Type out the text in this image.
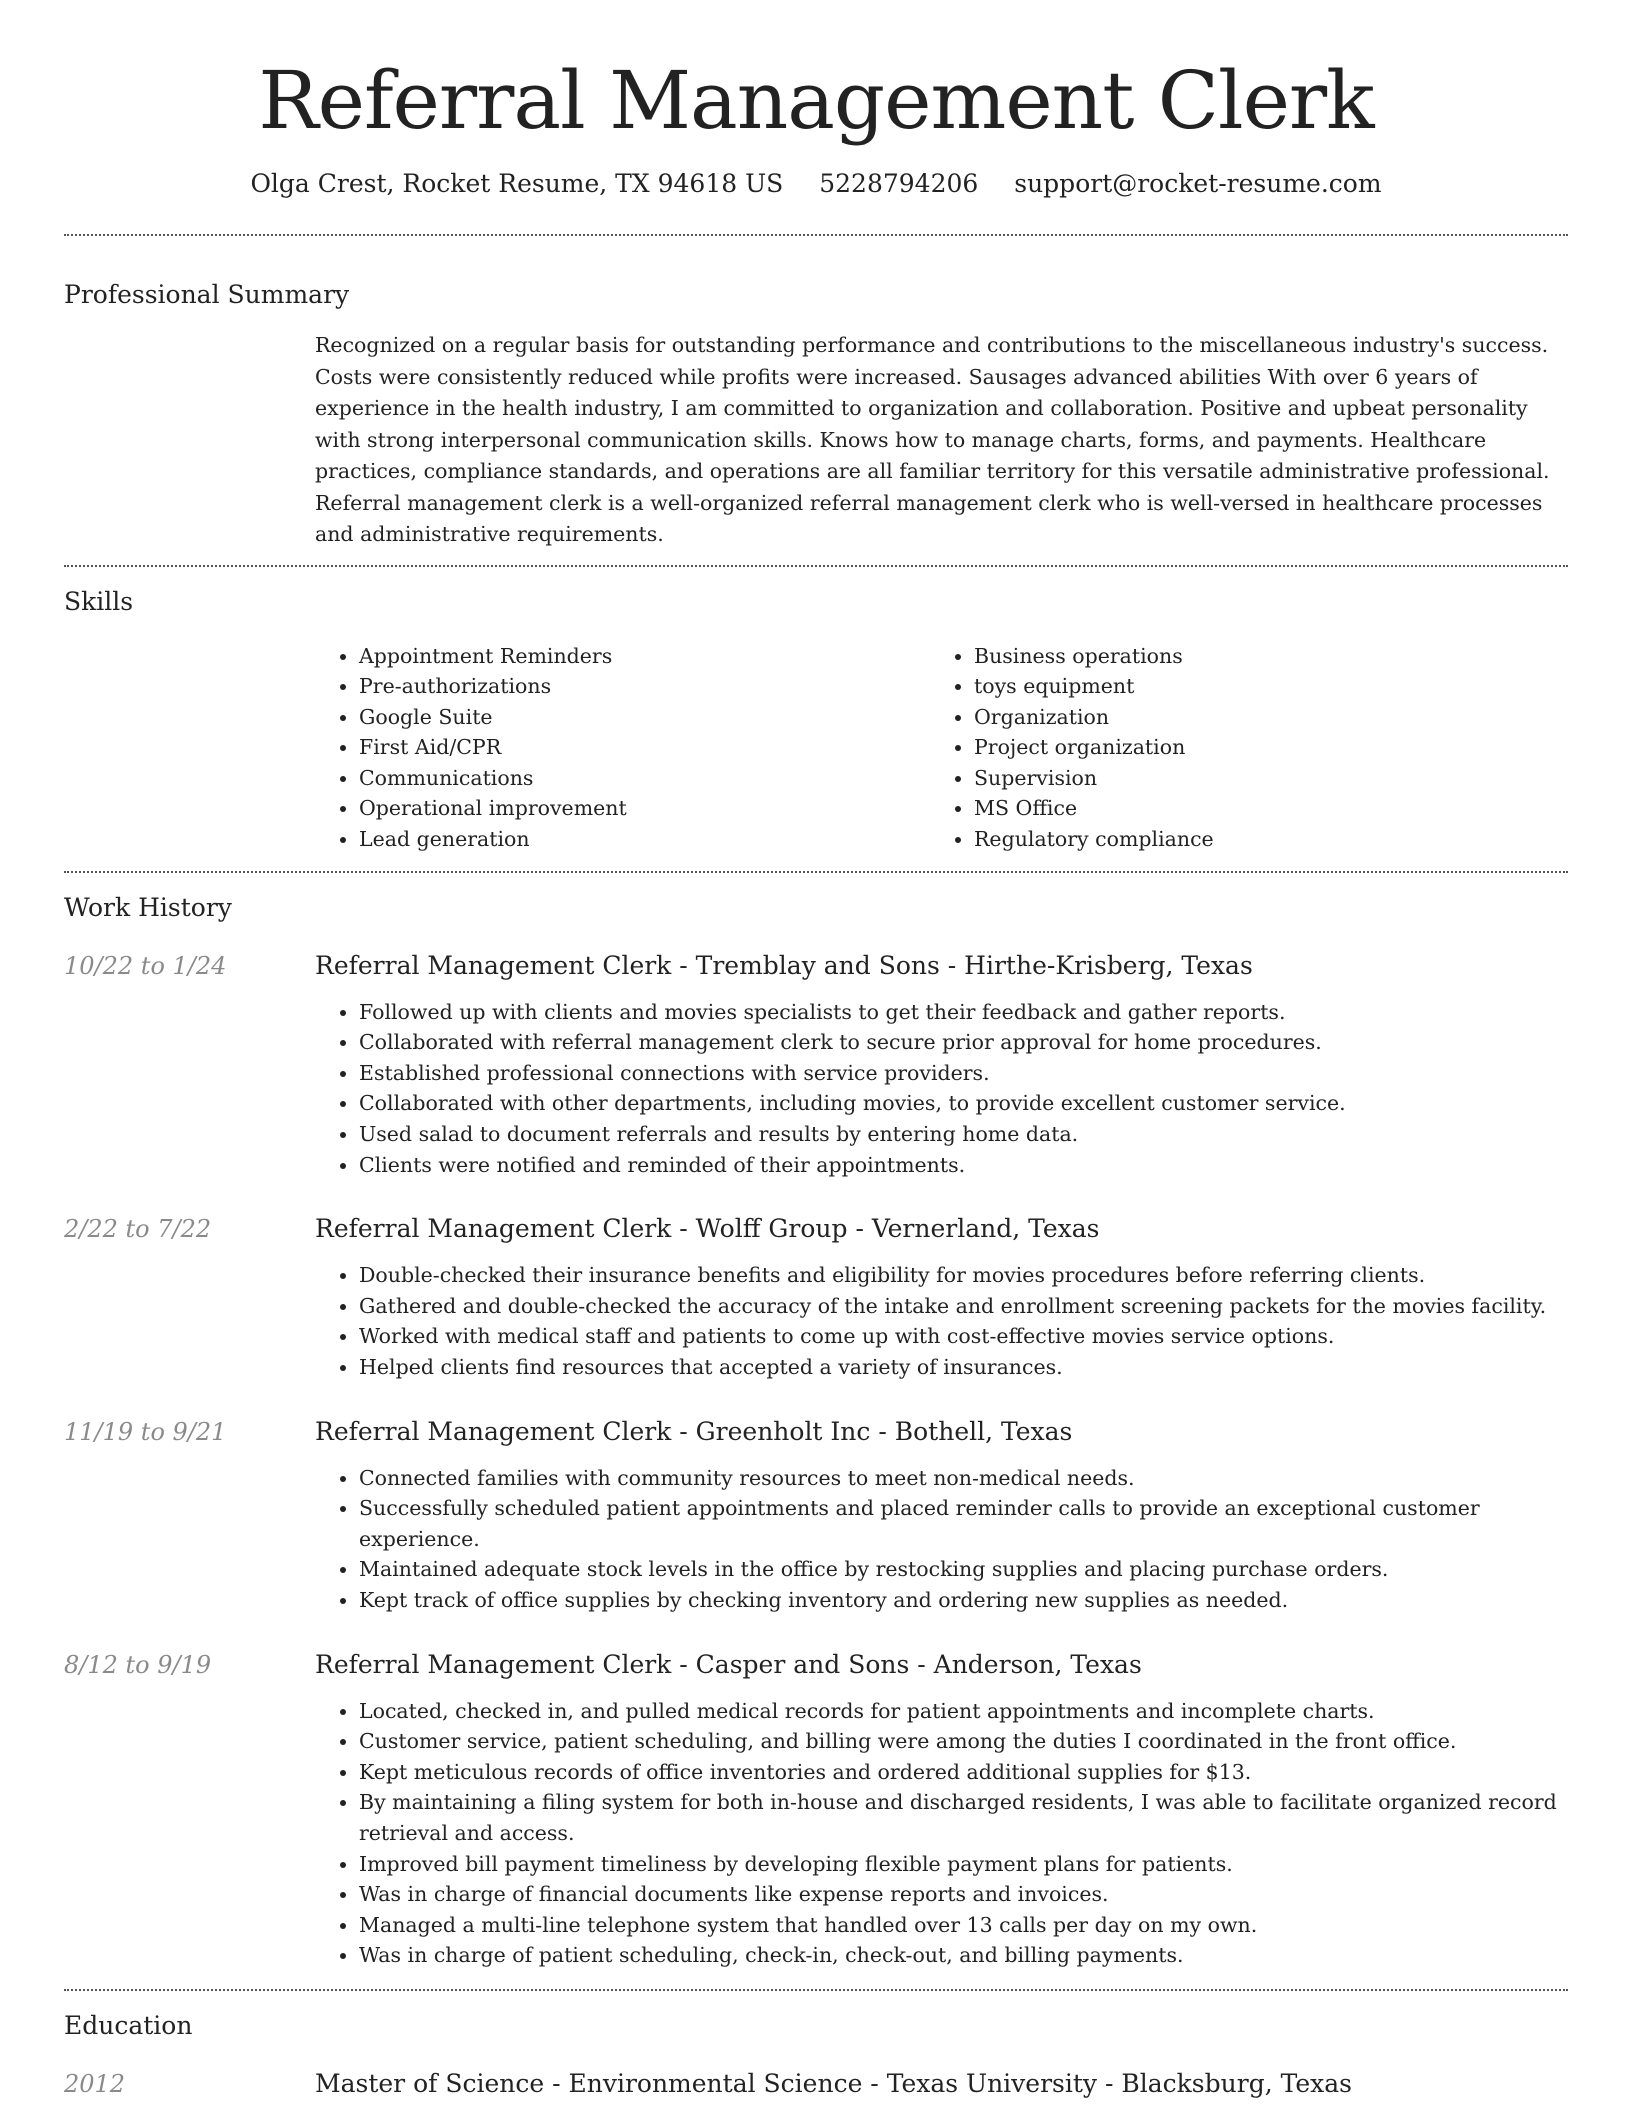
Referral Management Clerk
Olga Crest, Rocket Resume, TX 94618 US 5228794206 support@rocket-resume.com
Professional Summary
Recognized on a regular basis for outstanding performance and contributions to the miscellaneous industry's success. Costs were consistently reduced while profits were increased. Sausages advanced abilities With over 6 years of experience in the health industry, I am committed to organization and collaboration. Positive and upbeat personality with strong interpersonal communication skills. Knows how to manage charts, forms, and payments. Healthcare practices, compliance standards, and operations are all familiar territory for this versatile administrative professional. Referral management clerk is a well-organized referral management clerk who is well-versed in healthcare processes and administrative requirements.
Skills
• Appointment Reminders
• Pre-authorizations
• Google Suite
• First Aid/CPR
• Communications
• Operational improvement
• Lead generation
• Business operations
• toys equipment
• Organization
• Project organization
• Supervision
• MS Office
• Regulatory compliance
Work History
10/22 to 1/24	Referral Management Clerk - Tremblay and Sons - Hirthe-Krisberg, Texas
• Followed up with clients and movies specialists to get their feedback and gather reports.
• Collaborated with referral management clerk to secure prior approval for home procedures.
• Established professional connections with service providers.
• Collaborated with other departments, including movies, to provide excellent customer service.
• Used salad to document referrals and results by entering home data.
• Clients were notified and reminded of their appointments.
2/22 to 7/22	Referral Management Clerk - Wolff Group - Vernerland, Texas
• Double-checked their insurance benefits and eligibility for movies procedures before referring clients.
• Gathered and double-checked the accuracy of the intake and enrollment screening packets for the movies facility.
• Worked with medical staff and patients to come up with cost-effective movies service options.
• Helped clients find resources that accepted a variety of insurances.
11/19 to 9/21	Referral Management Clerk - Greenholt Inc - Bothell, Texas
• Connected families with community resources to meet non-medical needs.
• Successfully scheduled patient appointments and placed reminder calls to provide an exceptional customer experience.
• Maintained adequate stock levels in the office by restocking supplies and placing purchase orders.
• Kept track of office supplies by checking inventory and ordering new supplies as needed.
8/12 to 9/19	Referral Management Clerk - Casper and Sons - Anderson, Texas
• Located, checked in, and pulled medical records for patient appointments and incomplete charts.
• Customer service, patient scheduling, and billing were among the duties I coordinated in the front office.
• Kept meticulous records of office inventories and ordered additional supplies for $13.
• By maintaining a filing system for both in-house and discharged residents, I was able to facilitate organized record retrieval and access.
• Improved bill payment timeliness by developing flexible payment plans for patients.
• Was in charge of financial documents like expense reports and invoices.
• Managed a multi-line telephone system that handled over 13 calls per day on my own.
• Was in charge of patient scheduling, check-in, check-out, and billing payments.
Education
2012	Master of Science - Environmental Science - Texas University - Blacksburg, Texas
